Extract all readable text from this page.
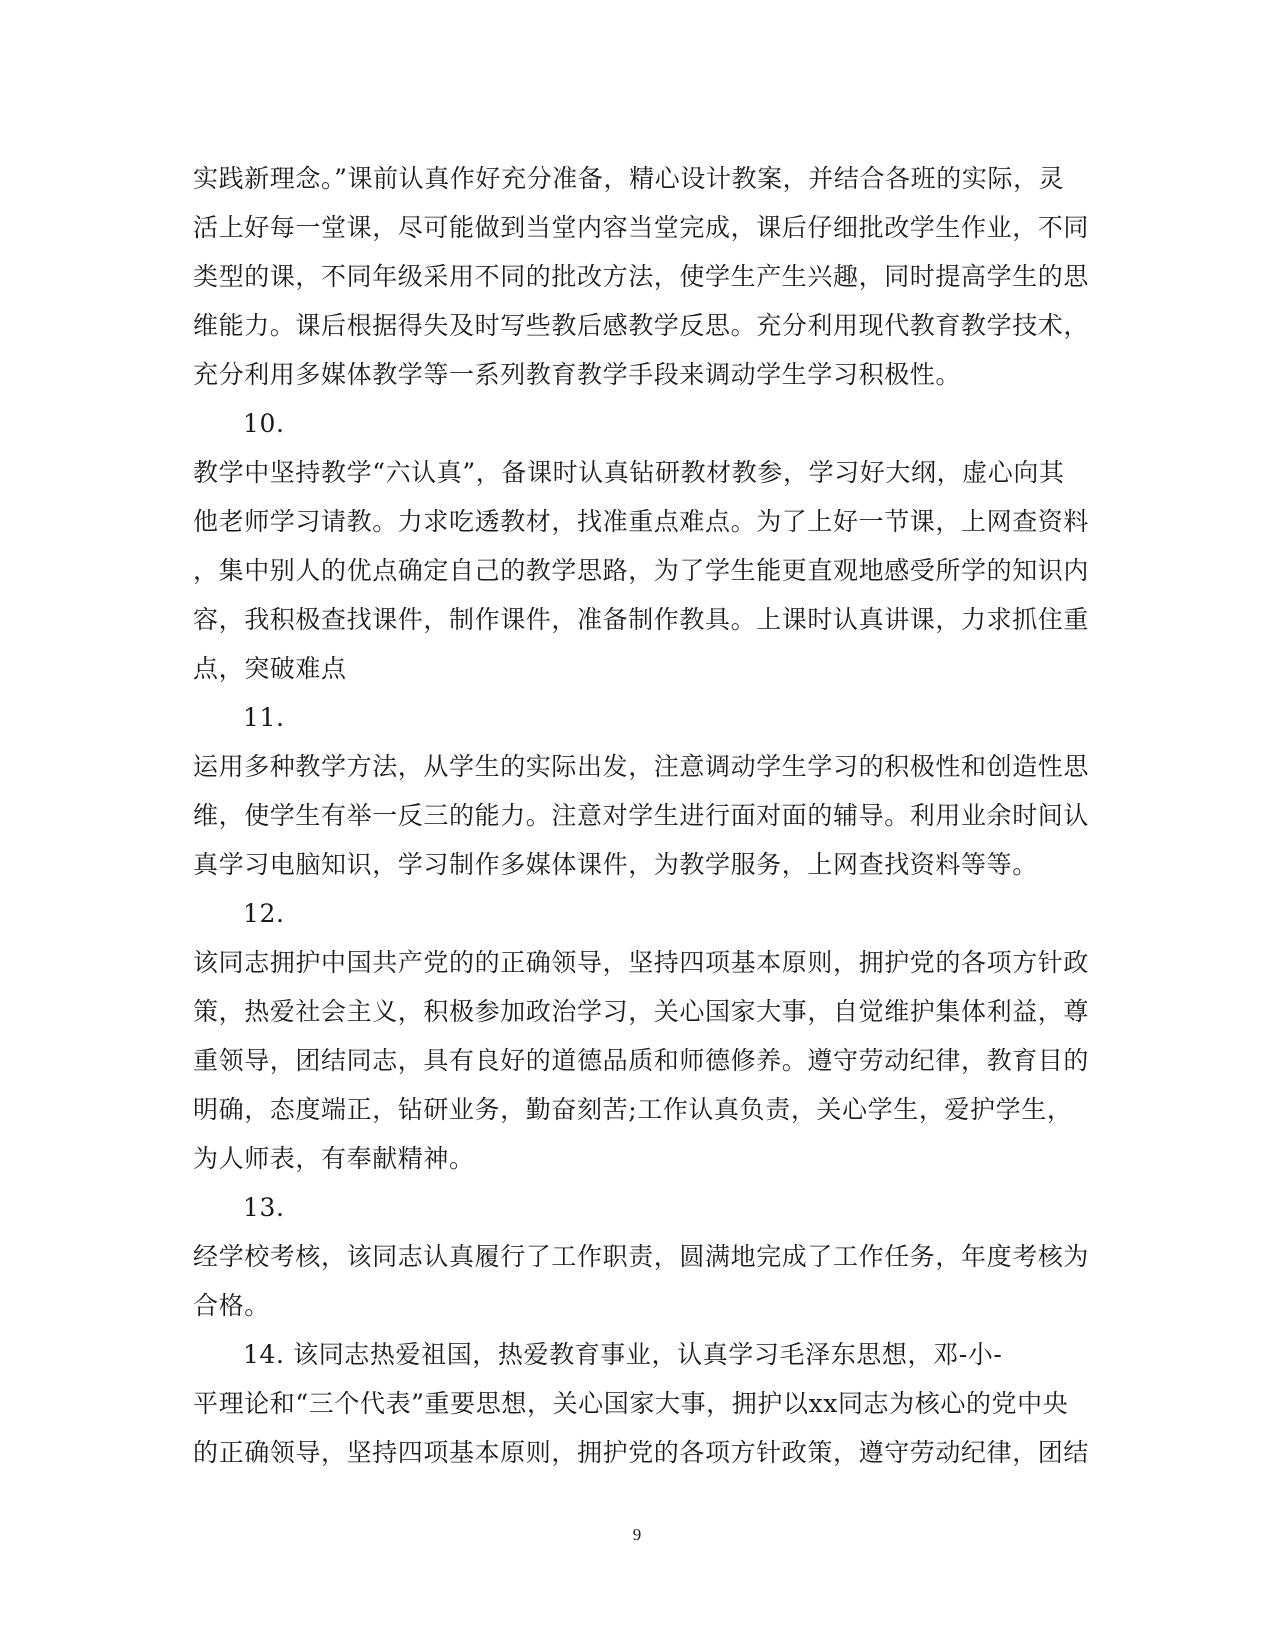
实践新理念。”课前认真作好充分准备，精心设计教案，并结合各班的实际，灵
活上好每一堂课，尽可能做到当堂内容当堂完成，课后仔细批改学生作业，不同
类型的课，不同年级采用不同的批改方法，使学生产生兴趣，同时提高学生的思
维能力。课后根据得失及时写些教后感教学反思。充分利用现代教育教学技术，
充分利用多媒体教学等一系列教育教学手段来调动学生学习积极性。
10.
教学中坚持教学“六认真”，备课时认真钻研教材教参，学习好大纲，虚心向其
他老师学习请教。力求吃透教材，找准重点难点。为了上好一节课，上网查资料
，集中别人的优点确定自己的教学思路，为了学生能更直观地感受所学的知识内
容，我积极查找课件，制作课件，准备制作教具。上课时认真讲课，力求抓住重
点，突破难点
11.
运用多种教学方法，从学生的实际出发，注意调动学生学习的积极性和创造性思
维，使学生有举一反三的能力。注意对学生进行面对面的辅导。利用业余时间认
真学习电脑知识，学习制作多媒体课件，为教学服务，上网查找资料等等。
12.
该同志拥护中国共产党的的正确领导，坚持四项基本原则，拥护党的各项方针政
策，热爱社会主义，积极参加政治学习，关心国家大事，自觉维护集体利益，尊
重领导，团结同志，具有良好的道德品质和师德修养。遵守劳动纪律，教育目的
明确，态度端正，钻研业务，勤奋刻苦;工作认真负责，关心学生，爱护学生，
为人师表，有奉献精神。
13.
经学校考核，该同志认真履行了工作职责，圆满地完成了工作任务，年度考核为
合格。
14. 该同志热爱祖国，热爱教育事业，认真学习毛泽东思想，邓-小-
平理论和“三个代表”重要思想，关心国家大事，拥护以xx同志为核心的党中央
的正确领导，坚持四项基本原则，拥护党的各项方针政策，遵守劳动纪律，团结
9
